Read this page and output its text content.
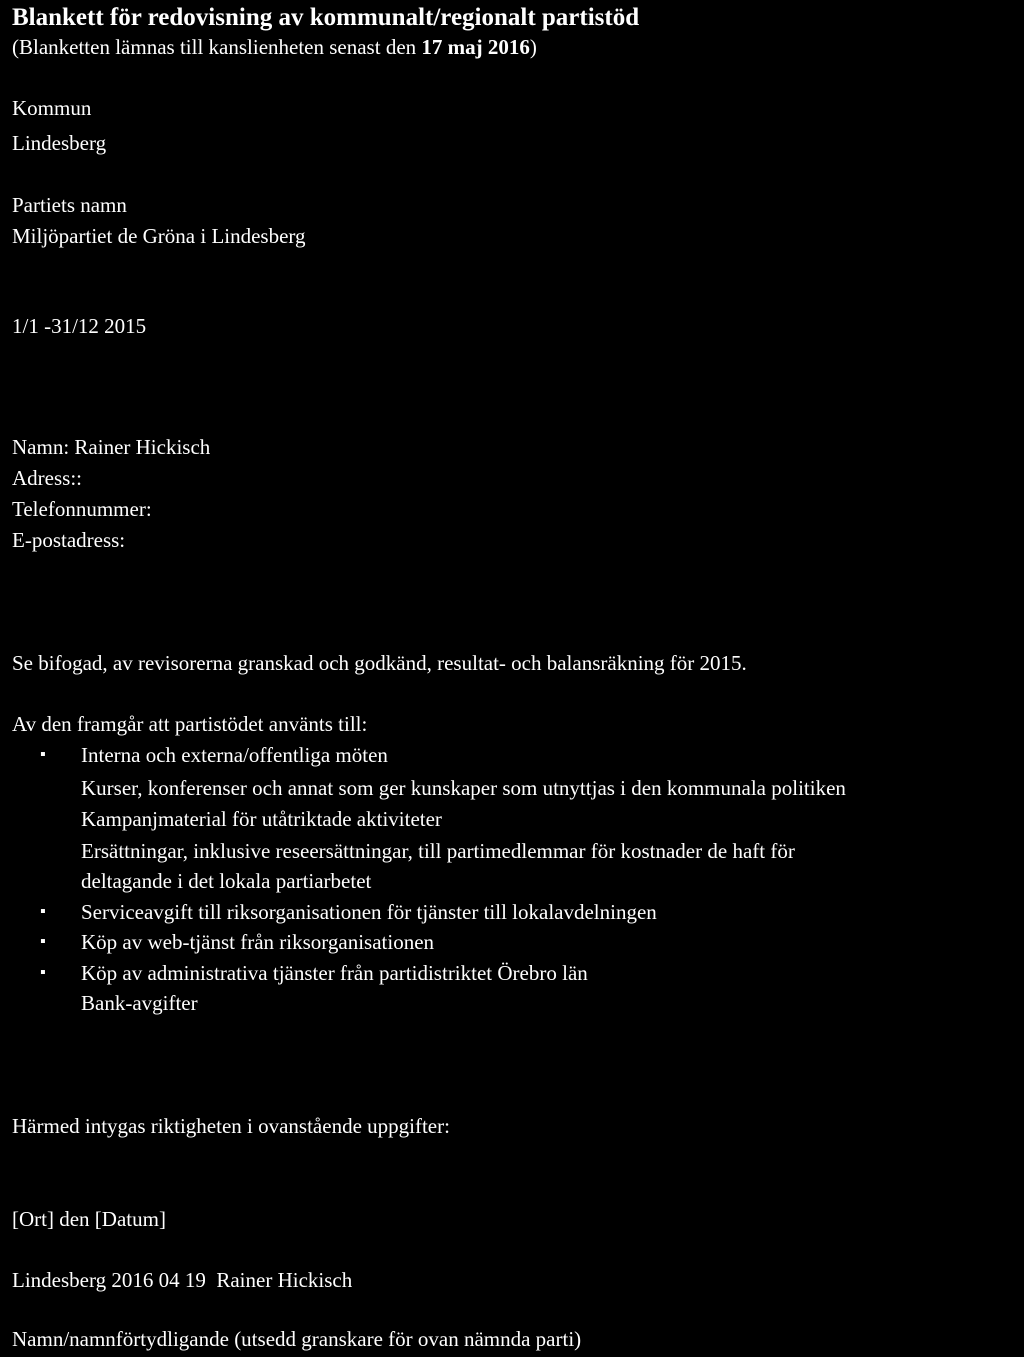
Blankett för redovisning av kommunalt/regionalt partistöd
(Blanketten lämnas till kanslienheten senast den 17 maj 2016)
Kommun
Lindesberg
Partiets namn
Miljöpartiet de Gröna i Lindesberg
1/1 -31/12 2015
Namn: Rainer Hickisch
Adress::
Telefonnummer:
E-postadress:
Se bifogad, av revisorerna granskad och godkänd, resultat- och balansräkning för 2015.
Av den framgår att partistödet använts till:
▪ Interna och externa/offentliga möten
Kurser, konferenser och annat som ger kunskaper som utnyttjas i den kommunala politiken
Kampanjmaterial för utåtriktade aktiviteter
Ersättningar, inklusive reseersättningar, till partimedlemmar för kostnader de haft för
deltagande i det lokala partiarbetet
▪ Serviceavgift till riksorganisationen för tjänster till lokalavdelningen
▪ Köp av web-tjänst från riksorganisationen
▪ Köp av administrativa tjänster från partidistriktet Örebro län
Bank-avgifter
Härmed intygas riktigheten i ovanstående uppgifter:
[Ort] den [Datum]
Lindesberg 2016 04 19 Rainer Hickisch
Namn/namnförtydligande (utsedd granskare för ovan nämnda parti)
